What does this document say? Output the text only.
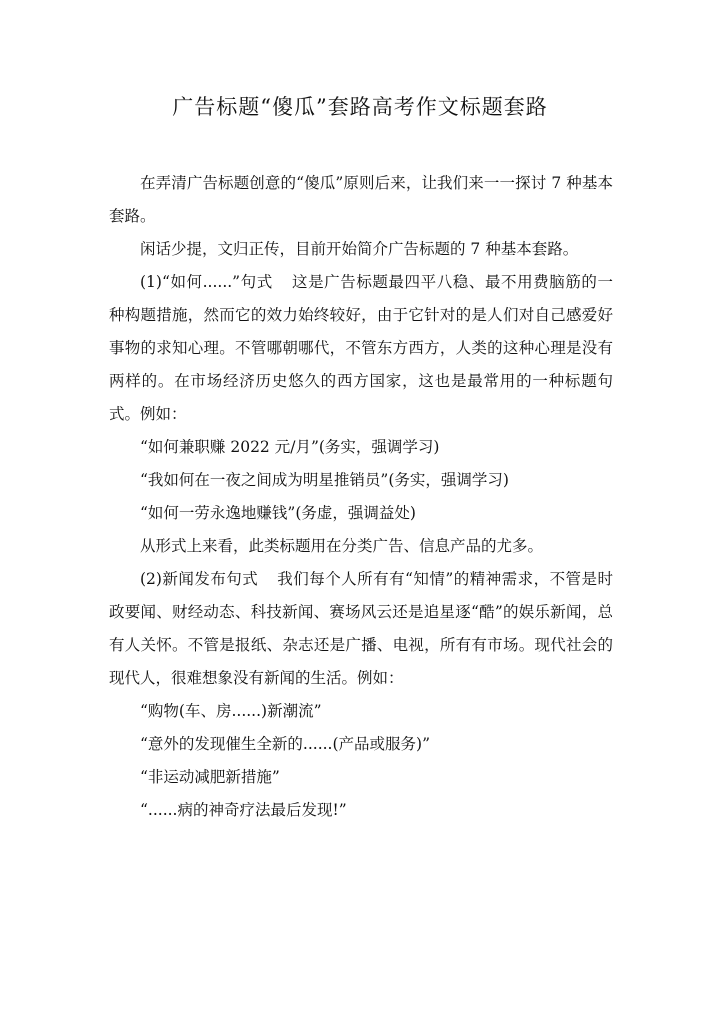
广告标题“傻瓜”套路高考作文标题套路

在弄清广告标题创意的“傻瓜”原则后来，让我们来一一探讨 7 种基本套路。

闲话少提，文归正传，目前开始简介广告标题的 7 种基本套路。

(1)“如何......”句式 这是广告标题最四平八稳、最不用费脑筋的一种构题措施，然而它的效力始终较好，由于它针对的是人们对自己感爱好事物的求知心理。不管哪朝哪代，不管东方西方，人类的这种心理是没有两样的。在市场经济历史悠久的西方国家，这也是最常用的一种标题句式。例如：

“如何兼职赚 2022 元/月”(务实，强调学习)

“我如何在一夜之间成为明星推销员”(务实，强调学习)

“如何一劳永逸地赚钱”(务虚，强调益处)

从形式上来看，此类标题用在分类广告、信息产品的尤多。

(2)新闻发布句式 我们每个人所有有“知情”的精神需求，不管是时政要闻、财经动态、科技新闻、赛场风云还是追星逐“酷”的娱乐新闻，总有人关怀。不管是报纸、杂志还是广播、电视，所有有市场。现代社会的现代人，很难想象没有新闻的生活。例如：

“购物(车、房......)新潮流”

“意外的发现催生全新的......(产品或服务)”

“非运动减肥新措施”

“......病的神奇疗法最后发现!”
